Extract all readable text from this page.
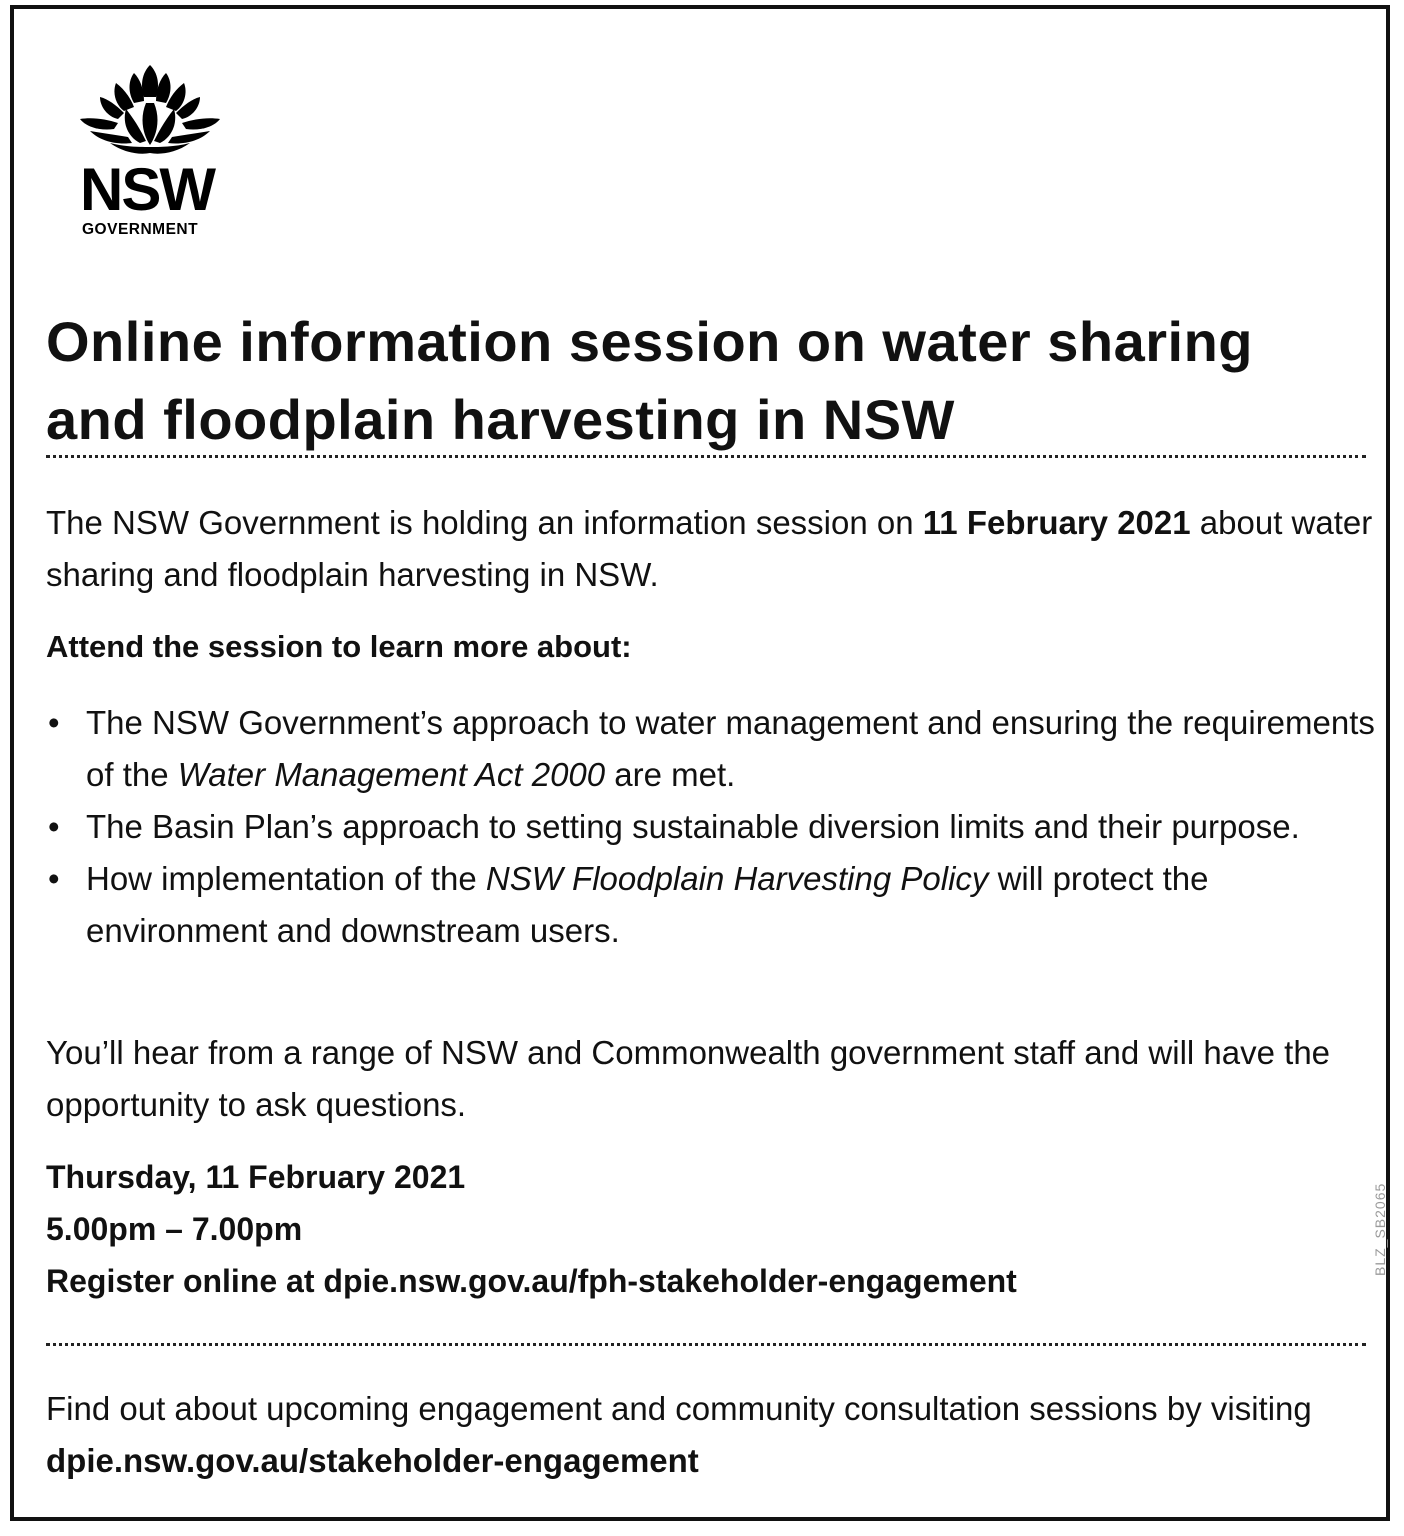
NSW
GOVERNMENT
Online information session on water sharing and floodplain harvesting in NSW

The NSW Government is holding an information session on 11 February 2021 about water sharing and floodplain harvesting in NSW.

Attend the session to learn more about:

• The NSW Government’s approach to water management and ensuring the requirements of the Water Management Act 2000 are met.
• The Basin Plan’s approach to setting sustainable diversion limits and their purpose.
• How implementation of the NSW Floodplain Harvesting Policy will protect the environment and downstream users.

You’ll hear from a range of NSW and Commonwealth government staff and will have the opportunity to ask questions.

Thursday, 11 February 2021
5.00pm – 7.00pm
Register online at dpie.nsw.gov.au/fph-stakeholder-engagement

Find out about upcoming engagement and community consultation sessions by visiting dpie.nsw.gov.au/stakeholder-engagement

BLZ_SB2065
